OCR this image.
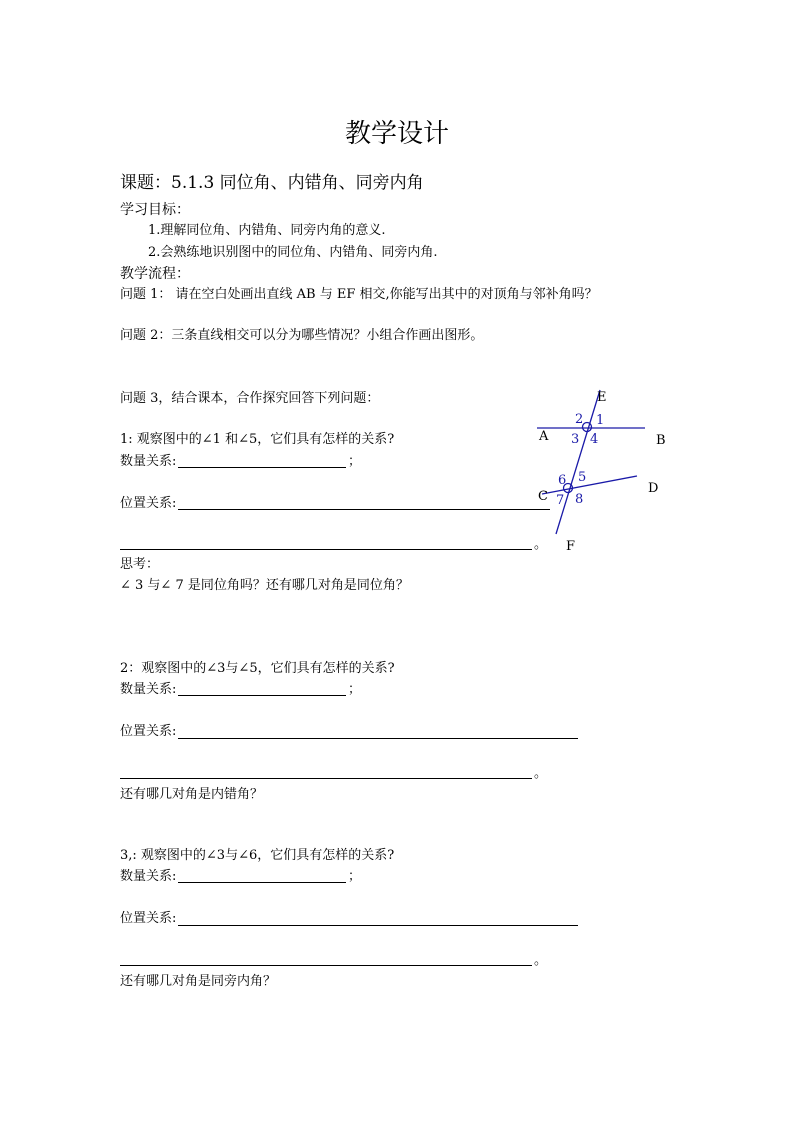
教学设计
课题：5.1.3 同位角、内错角、同旁内角
学习目标：
1.理解同位角、内错角、同旁内角的意义.
2.会熟练地识别图中的同位角、内错角、同旁内角.
教学流程：
问题 1： 请在空白处画出直线 AB 与 EF 相交,你能写出其中的对顶角与邻补角吗？
问题 2：三条直线相交可以分为哪些情况？小组合作画出图形。
问题 3，结合课本，合作探究回答下列问题：
1: 观察图中的∠1 和∠5，它们具有怎样的关系?
数量关系:	；
位置关系:
。
思考：
∠ 3 与∠ 7 是同位角吗？还有哪几对角是同位角？
2：观察图中的∠3与∠5，它们具有怎样的关系?
数量关系:	；
位置关系:
。
还有哪几对角是内错角？
3,: 观察图中的∠3与∠6，它们具有怎样的关系?
数量关系:	；
位置关系:
。
还有哪几对角是同旁内角？
2 1
3 4
5
6
7 8
E
A	B
D
C
F
